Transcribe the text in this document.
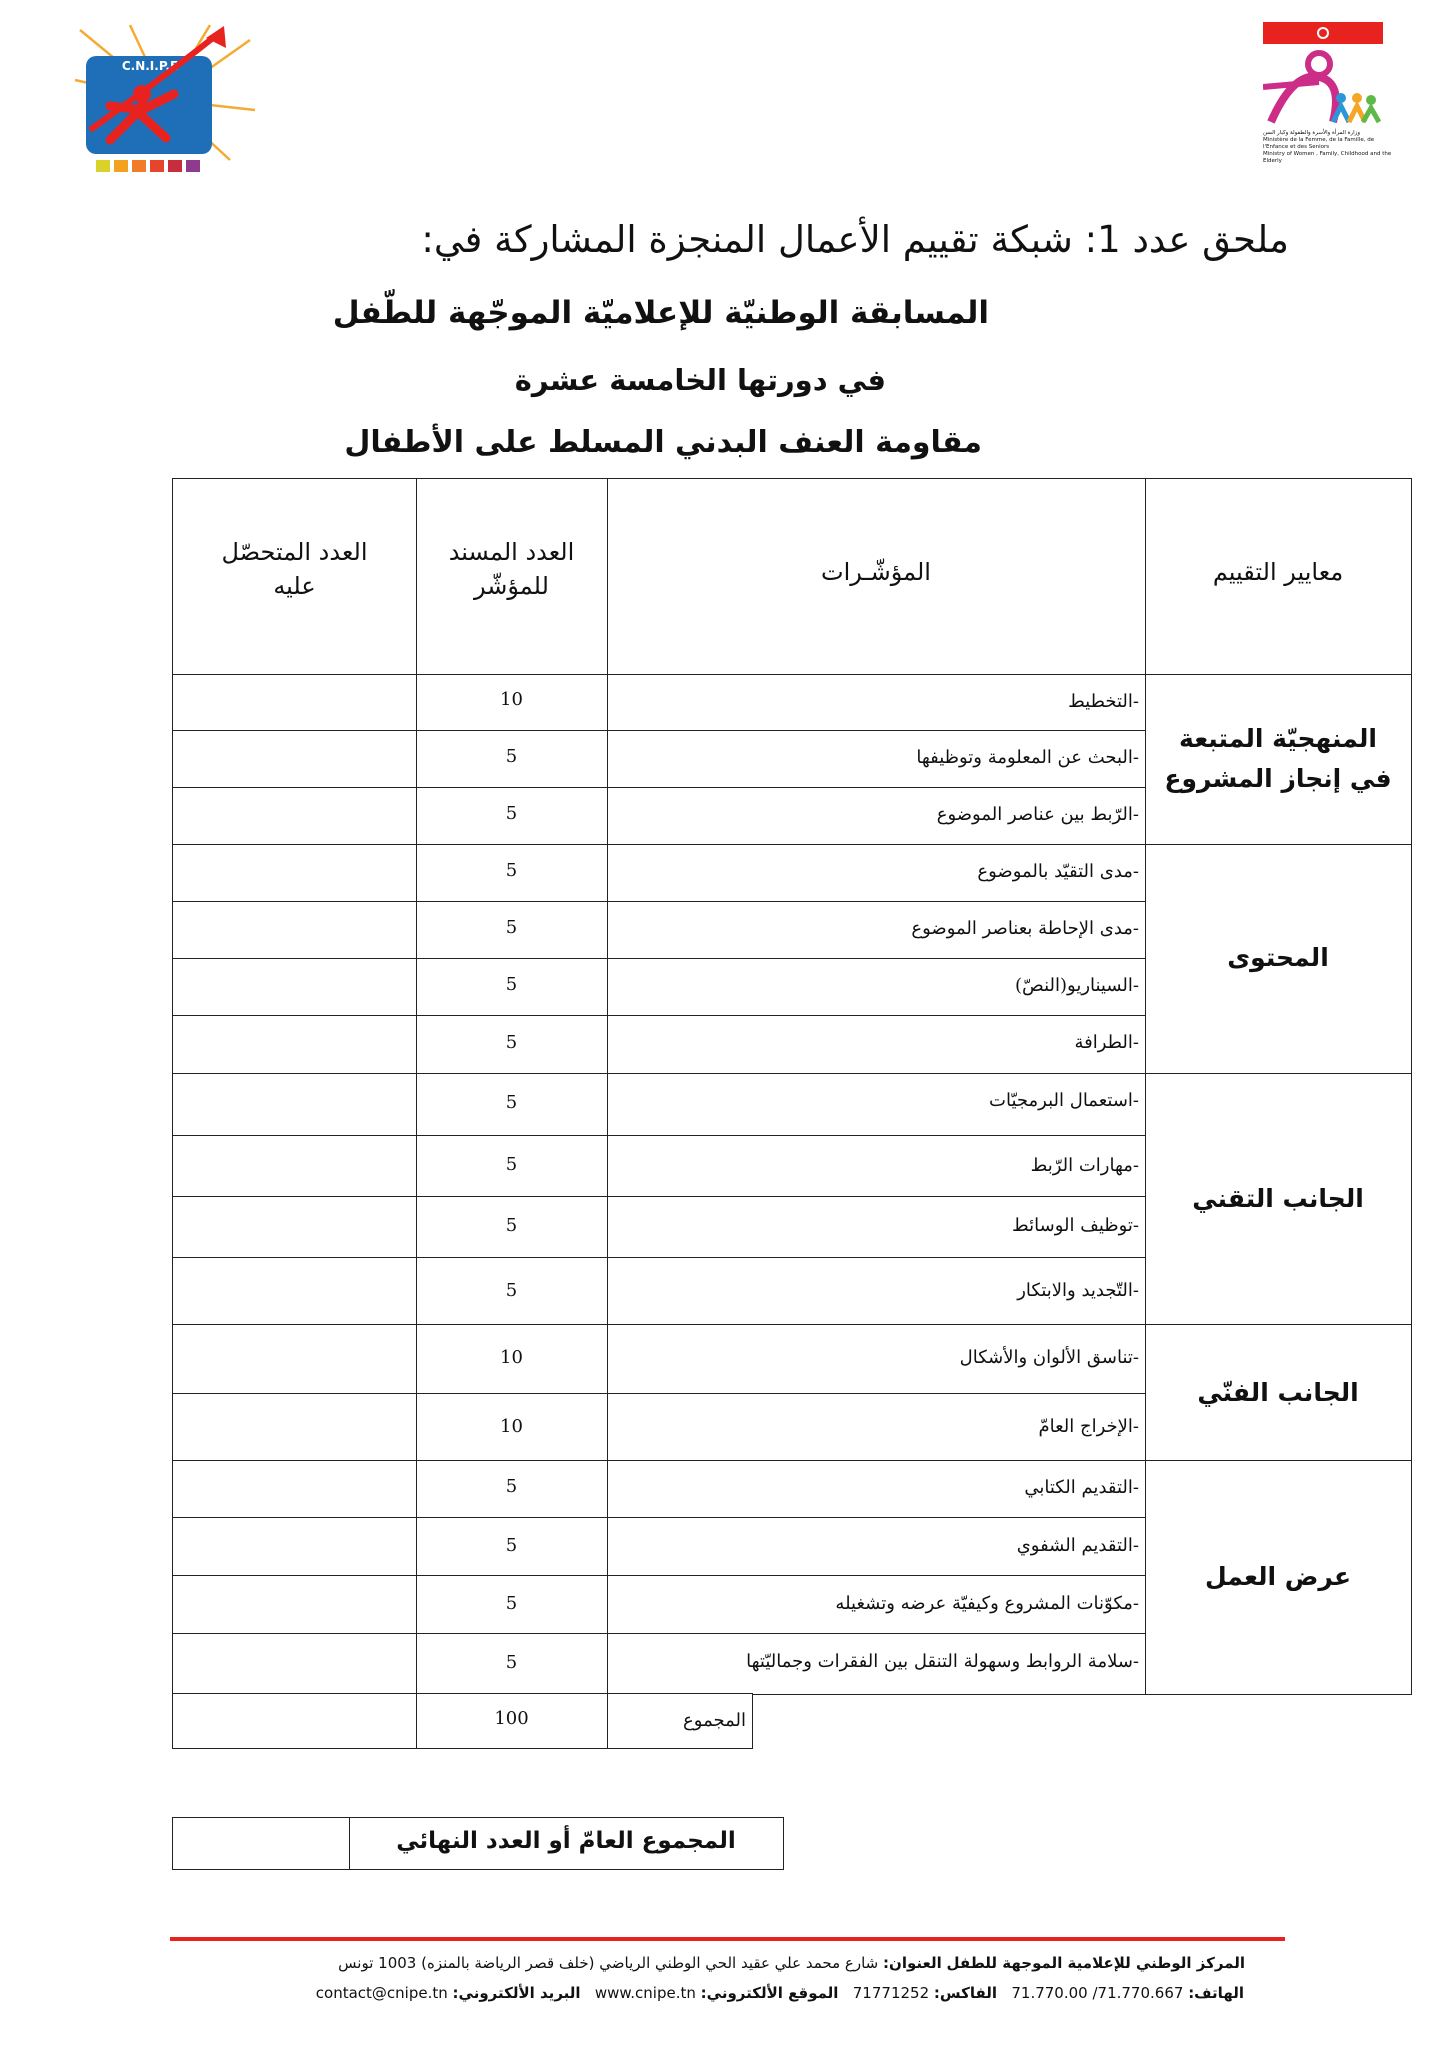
C.N.I.P.E
وزارة المرأة والأسرة والطفولة وكبار السن
Ministère de la Femme, de la Famille, de l'Enfance et des Seniors
Ministry of Women , Family, Childhood and the Elderly
ملحق عدد 1: شبكة تقييم الأعمال المنجزة المشاركة في:
المسابقة الوطنيّة للإعلاميّة الموجّهة للطّفل
في دورتها الخامسة عشرة
مقاومة العنف البدني المسلط على الأطفال
معايير التقييم
المؤشّـرات
العدد المسند للمؤشّر
العدد المتحصّل عليه
المنهجيّة المتبعة في إنجاز المشروع
-التخطيط
10
-البحث عن المعلومة وتوظيفها
5
-الرّبط بين عناصر الموضوع
5
المحتوى
-مدى التقيّد بالموضوع
5
-مدى الإحاطة بعناصر الموضوع
5
-السيناريو(النصّ)
5
-الطرافة
5
الجانب التقني
-استعمال البرمجيّات
5
-مهارات الرّبط
5
-توظيف الوسائط
5
-التّجديد والابتكار
5
الجانب الفنّي
-تناسق الألوان والأشكال
10
-الإخراج العامّ
10
عرض العمل
-التقديم الكتابي
5
-التقديم الشفوي
5
-مكوّنات المشروع وكيفيّة عرضه وتشغيله
5
-سلامة الروابط وسهولة التنقل بين الفقرات وجماليّتها
5
المجموع
100
المجموع العامّ أو العدد النهائي
المركز الوطني للإعلامية الموجهة للطفل العنوان: شارع محمد علي عقيد الحي الوطني الرياضي (خلف قصر الرياضة بالمنزه) 1003 تونس
الهاتف: 71.770.00 /71.770.667   الفاكس: 71771252   الموقع الألكتروني: www.cnipe.tn   البريد الألكتروني: contact@cnipe.tn
